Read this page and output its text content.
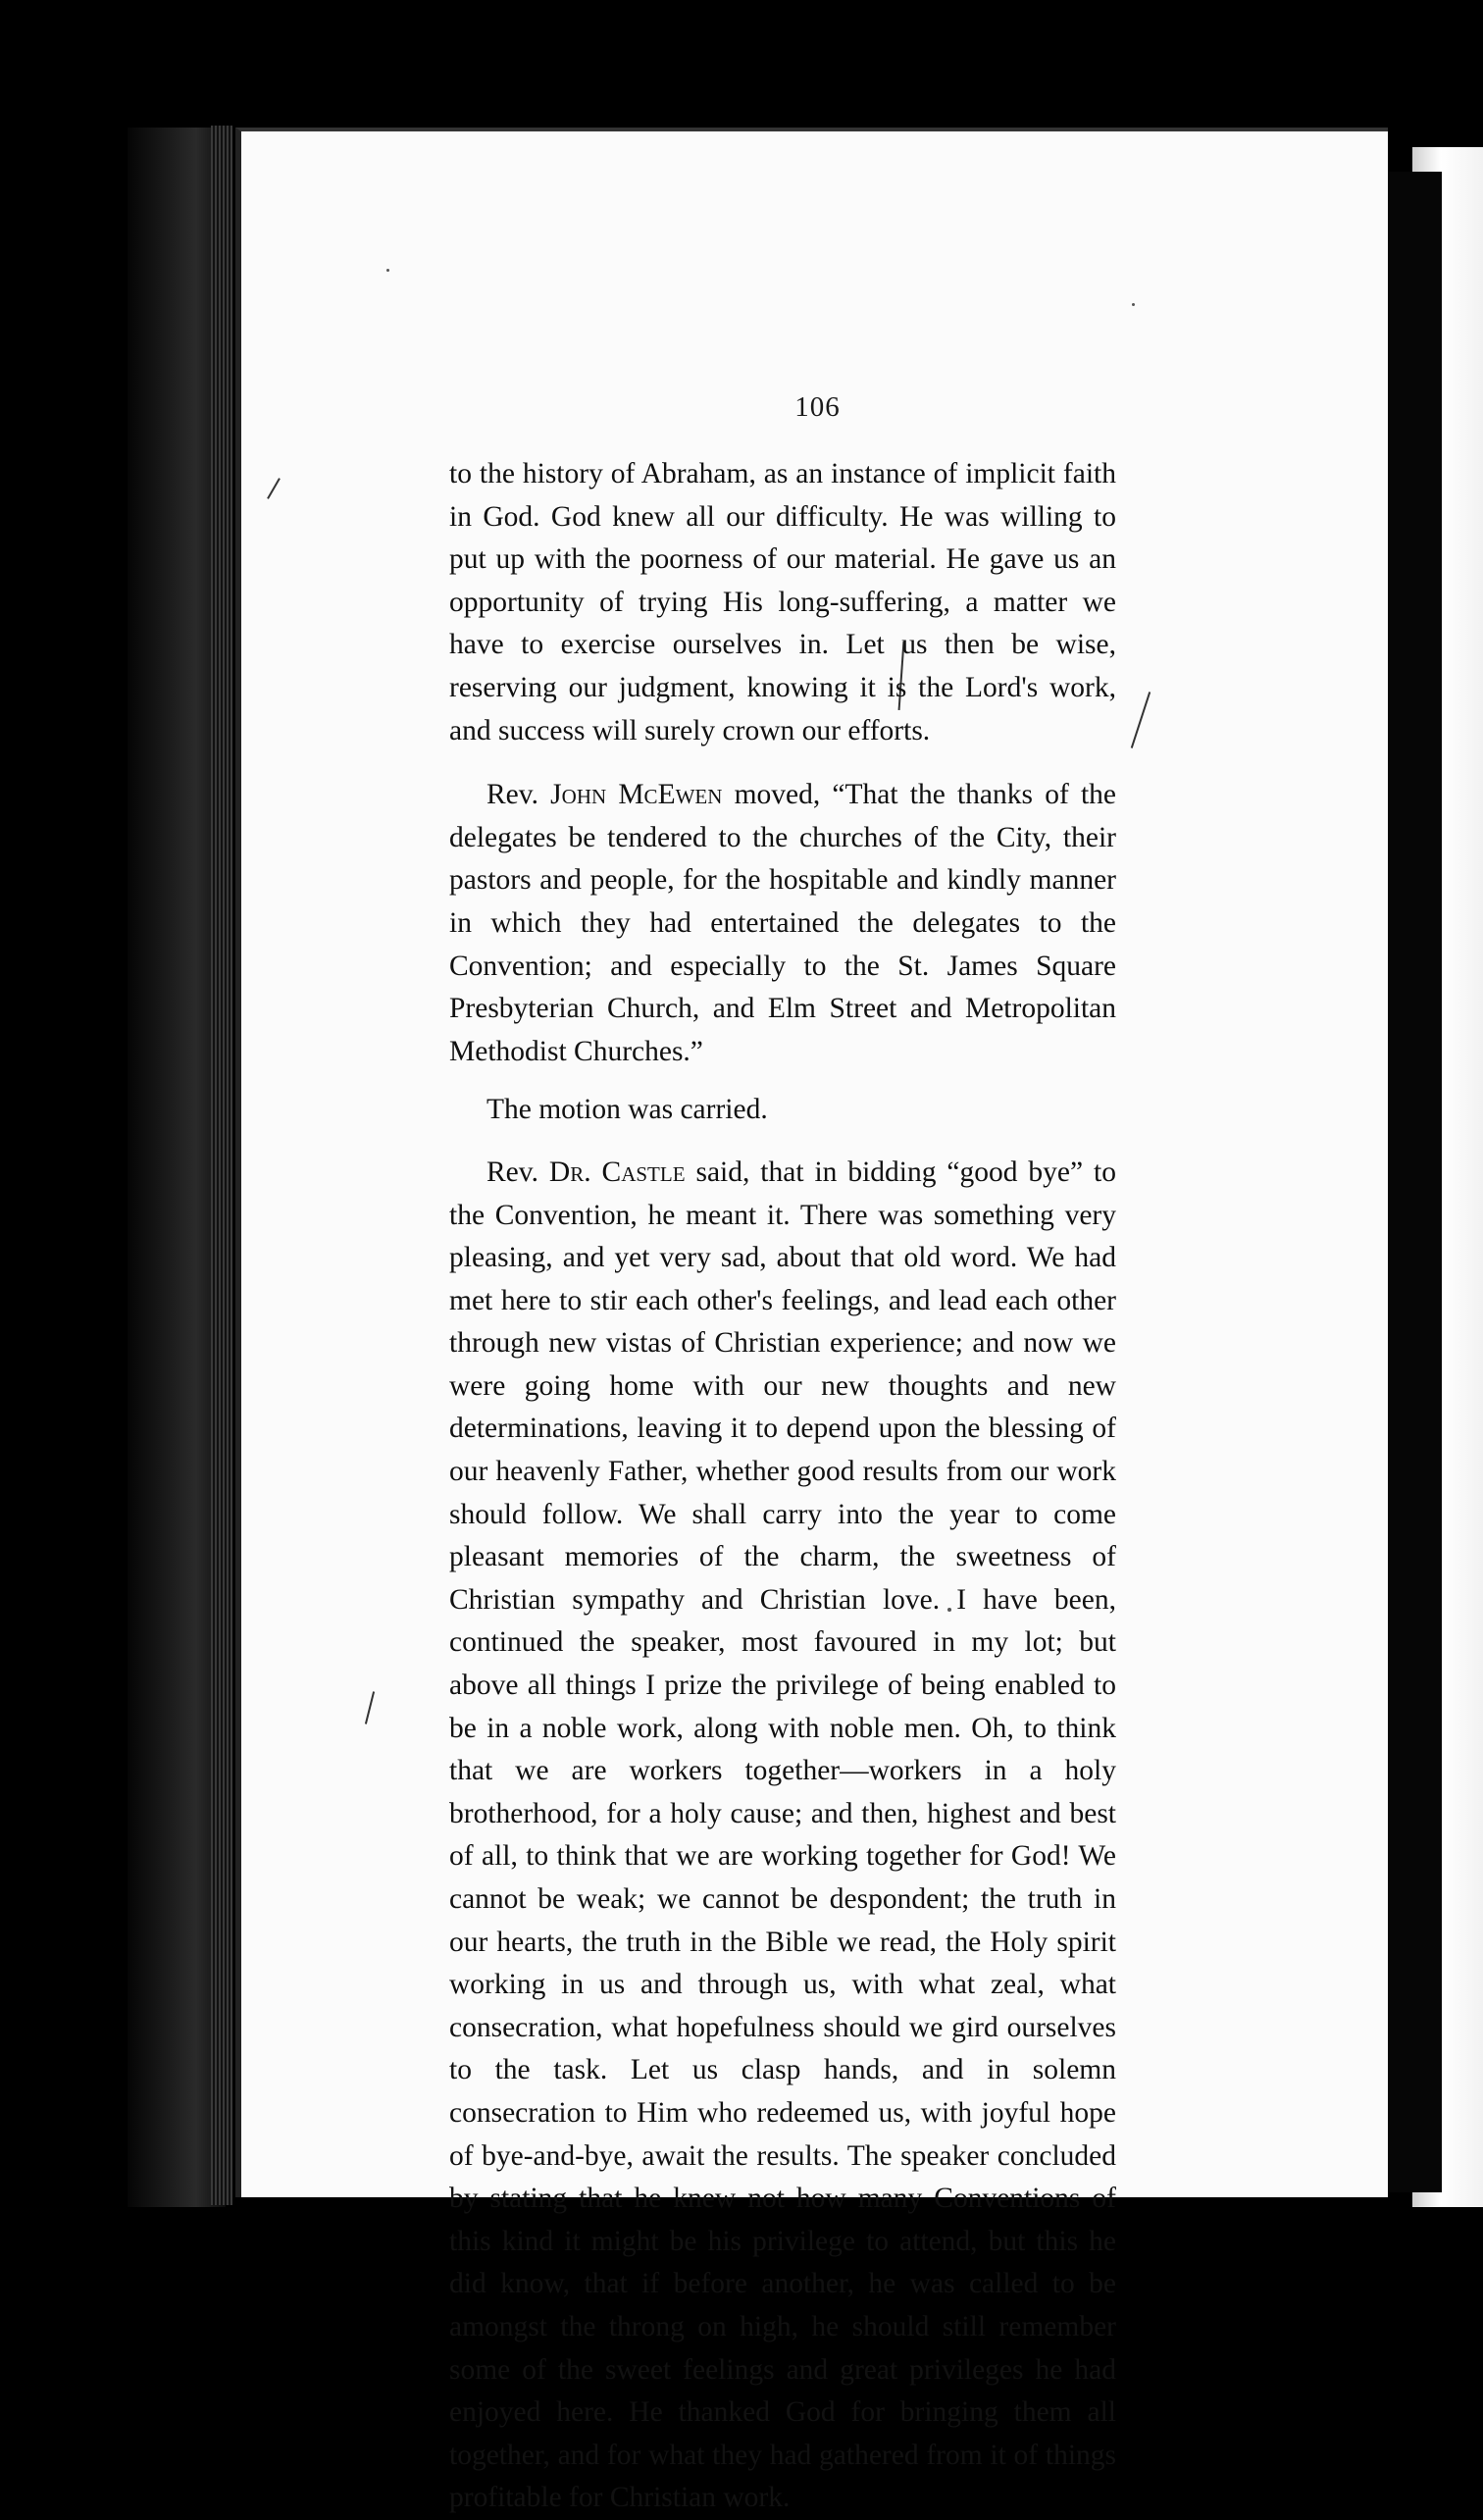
106

to the history of Abraham, as an instance of implicit faith in God. God knew all our difficulty. He was willing to put up with the poorness of our material. He gave us an opportunity of trying His long-suffering, a matter we have to exercise ourselves in. Let us then be wise, reserving our judgment, knowing it is the Lord's work, and success will surely crown our efforts.

Rev. John McEwen moved, “That the thanks of the delegates be tendered to the churches of the City, their pastors and people, for the hospitable and kindly manner in which they had entertained the delegates to the Convention; and especially to the St. James Square Presbyterian Church, and Elm Street and Metropolitan Methodist Churches.”

The motion was carried.

Rev. Dr. Castle said, that in bidding “good bye” to the Convention, he meant it. There was something very pleasing, and yet very sad, about that old word. We had met here to stir each other's feelings, and lead each other through new vistas of Christian experience; and now we were going home with our new thoughts and new determinations, leaving it to depend upon the blessing of our heavenly Father, whether good results from our work should follow. We shall carry into the year to come pleasant memories of the charm, the sweetness of Christian sympathy and Christian love. I have been, continued the speaker, most favoured in my lot; but above all things I prize the privilege of being enabled to be in a noble work, along with noble men. Oh, to think that we are workers together—workers in a holy brotherhood, for a holy cause; and then, highest and best of all, to think that we are working together for God! We cannot be weak; we cannot be despondent; the truth in our hearts, the truth in the Bible we read, the Holy spirit working in us and through us, with what zeal, what consecration, what hopefulness should we gird ourselves to the task. Let us clasp hands, and in solemn consecration to Him who redeemed us, with joyful hope of bye-and-bye, await the results. The speaker concluded by stating that he knew not how many Conventions of this kind it might be his privilege to attend, but this he did know, that if before another, he was called to be amongst the throng on high, he should still remember some of the sweet feelings and great privileges he had enjoyed here. He thanked God for bringing them all together, and for what they had gathered from it of things profitable for Christian work.
